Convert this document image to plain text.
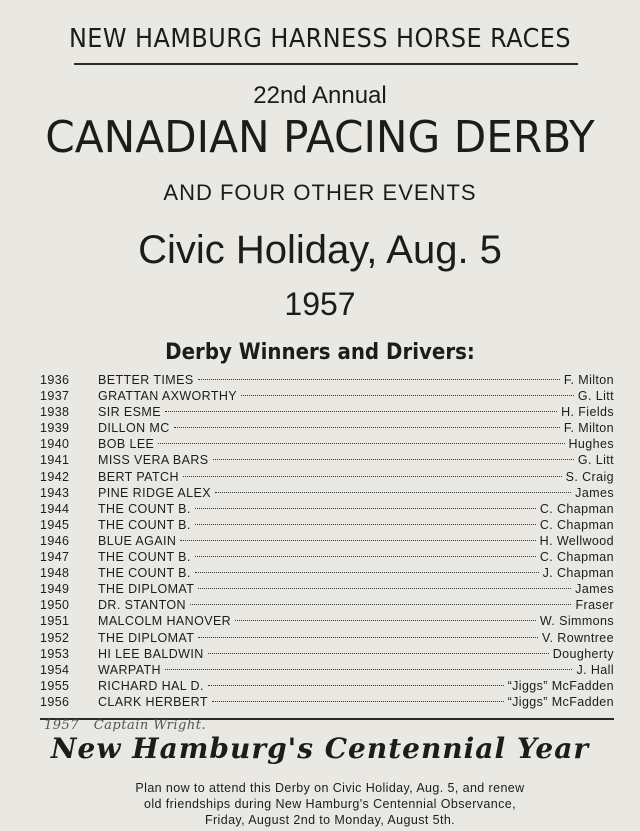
NEW HAMBURG HARNESS HORSE RACES
22nd Annual
CANADIAN PACING DERBY
AND FOUR OTHER EVENTS
Civic Holiday, Aug. 5
1957
Derby Winners and Drivers:
1936	BETTER TIMES	F. Milton
1937	GRATTAN AXWORTHY	G. Litt
1938	SIR ESME	H. Fields
1939	DILLON MC	F. Milton
1940	BOB LEE	Hughes
1941	MISS VERA BARS	G. Litt
1942	BERT PATCH	S. Craig
1943	PINE RIDGE ALEX	James
1944	THE COUNT B.	C. Chapman
1945	THE COUNT B.	C. Chapman
1946	BLUE AGAIN	H. Wellwood
1947	THE COUNT B.	C. Chapman
1948	THE COUNT B.	J. Chapman
1949	THE DIPLOMAT	James
1950	DR. STANTON	Fraser
1951	MALCOLM HANOVER	W. Simmons
1952	THE DIPLOMAT	V. Rowntree
1953	HI LEE BALDWIN	Dougherty
1954	WARPATH	J. Hall
1955	RICHARD HAL D.	“Jiggs” McFadden
1956	CLARK HERBERT	“Jiggs” McFadden
1957 Captain Wright.
New Hamburg's Centennial Year
Plan now to attend this Derby on Civic Holiday, Aug. 5, and renew
old friendships during New Hamburg's Centennial Observance,
Friday, August 2nd to Monday, August 5th.
